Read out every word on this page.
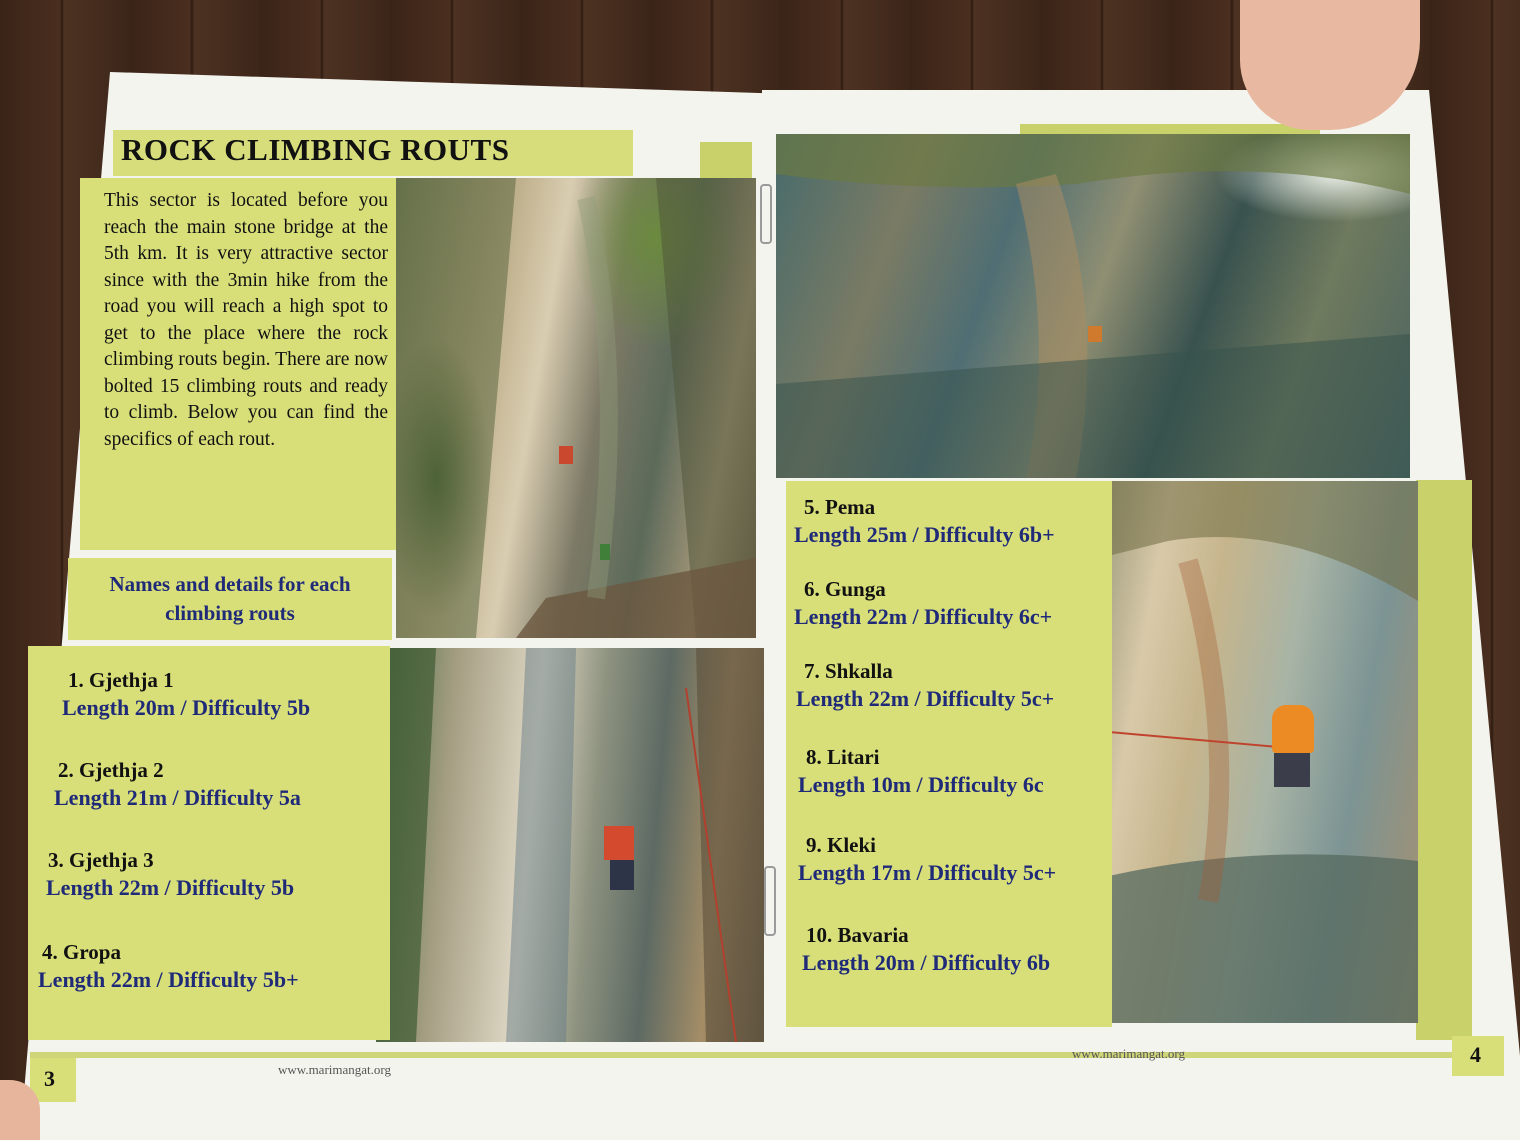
ROCK CLIMBING ROUTS

This sector is located before you reach the main stone bridge at the 5th km. It is very attractive sector since with the 3min hike from the road you will reach a high spot to get to the place where the rock climbing routs begin. There are now bolted 15 climbing routs and ready to climb. Below you can find the specifics of each rout.

Names and details for each climbing routs
1. Gjethja 1
Length 20m / Difficulty 5b
2. Gjethja 2
Length 21m / Difficulty 5a
3. Gjethja 3
Length 22m / Difficulty 5b
4. Gropa
Length 22m / Difficulty 5b+
5. Pema
Length 25m / Difficulty 6b+
6. Gunga
Length 22m / Difficulty 6c+
7. Shkalla
Length 22m / Difficulty 5c+
8. Litari
Length 10m / Difficulty 6c
9. Kleki
Length 17m / Difficulty 5c+
10. Bavaria
Length 20m / Difficulty 6b
3	www.marimangat.org
4
www.marimangat.org
